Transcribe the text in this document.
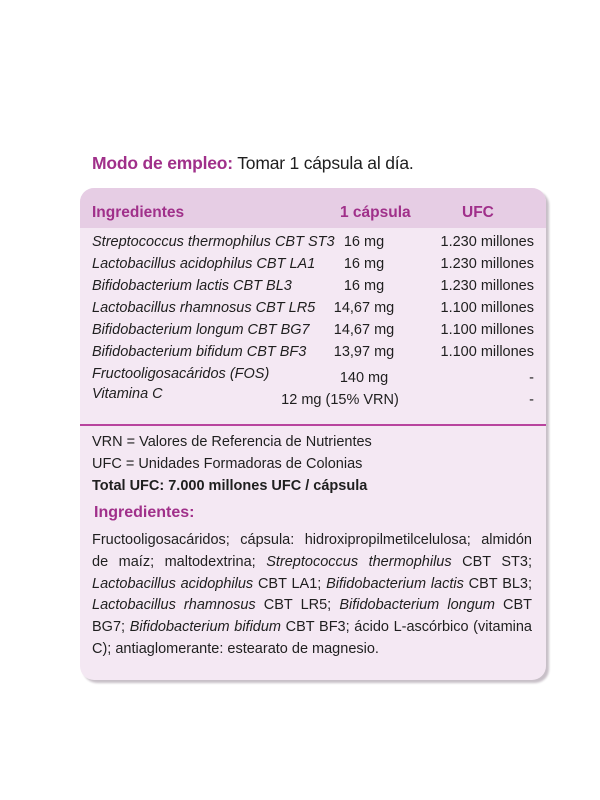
Modo de empleo: Tomar 1 cápsula al día.
Ingredientes	1 cápsula	UFC
Streptococcus thermophilus CBT ST3 16 mg	1.230 millones
Lactobacillus acidophilus CBT LA1	16 mg	1.230 millones
Bifidobacterium lactis CBT BL3	16 mg	1.230 millones
Lactobacillus rhamnosus CBT LR5	14,67 mg	1.100 millones
Bifidobacterium longum CBT BG7	14,67 mg	1.100 millones
Bifidobacterium bifidum CBT BF3	13,97 mg	1.100 millones
Fructooligosacáridos (FOS)	140 mg	-
Vitamina C	12 mg (15% VRN)	-
VRN = Valores de Referencia de Nutrientes
UFC = Unidades Formadoras de Colonias
Total UFC: 7.000 millones UFC / cápsula
Ingredientes:
Fructooligosacáridos; cápsula: hidroxipropilmetilcelulosa; almidón de maíz; maltodextrina; Streptococcus thermophilus CBT ST3; Lactobacillus acidophilus CBT LA1; Bifidobacterium lactis CBT BL3; Lactobacillus rhamnosus CBT LR5; Bifidobacterium longum CBT BG7; Bifidobacterium bifidum CBT BF3; ácido L-ascórbico (vitamina C); antiaglomerante: estearato de magnesio.
